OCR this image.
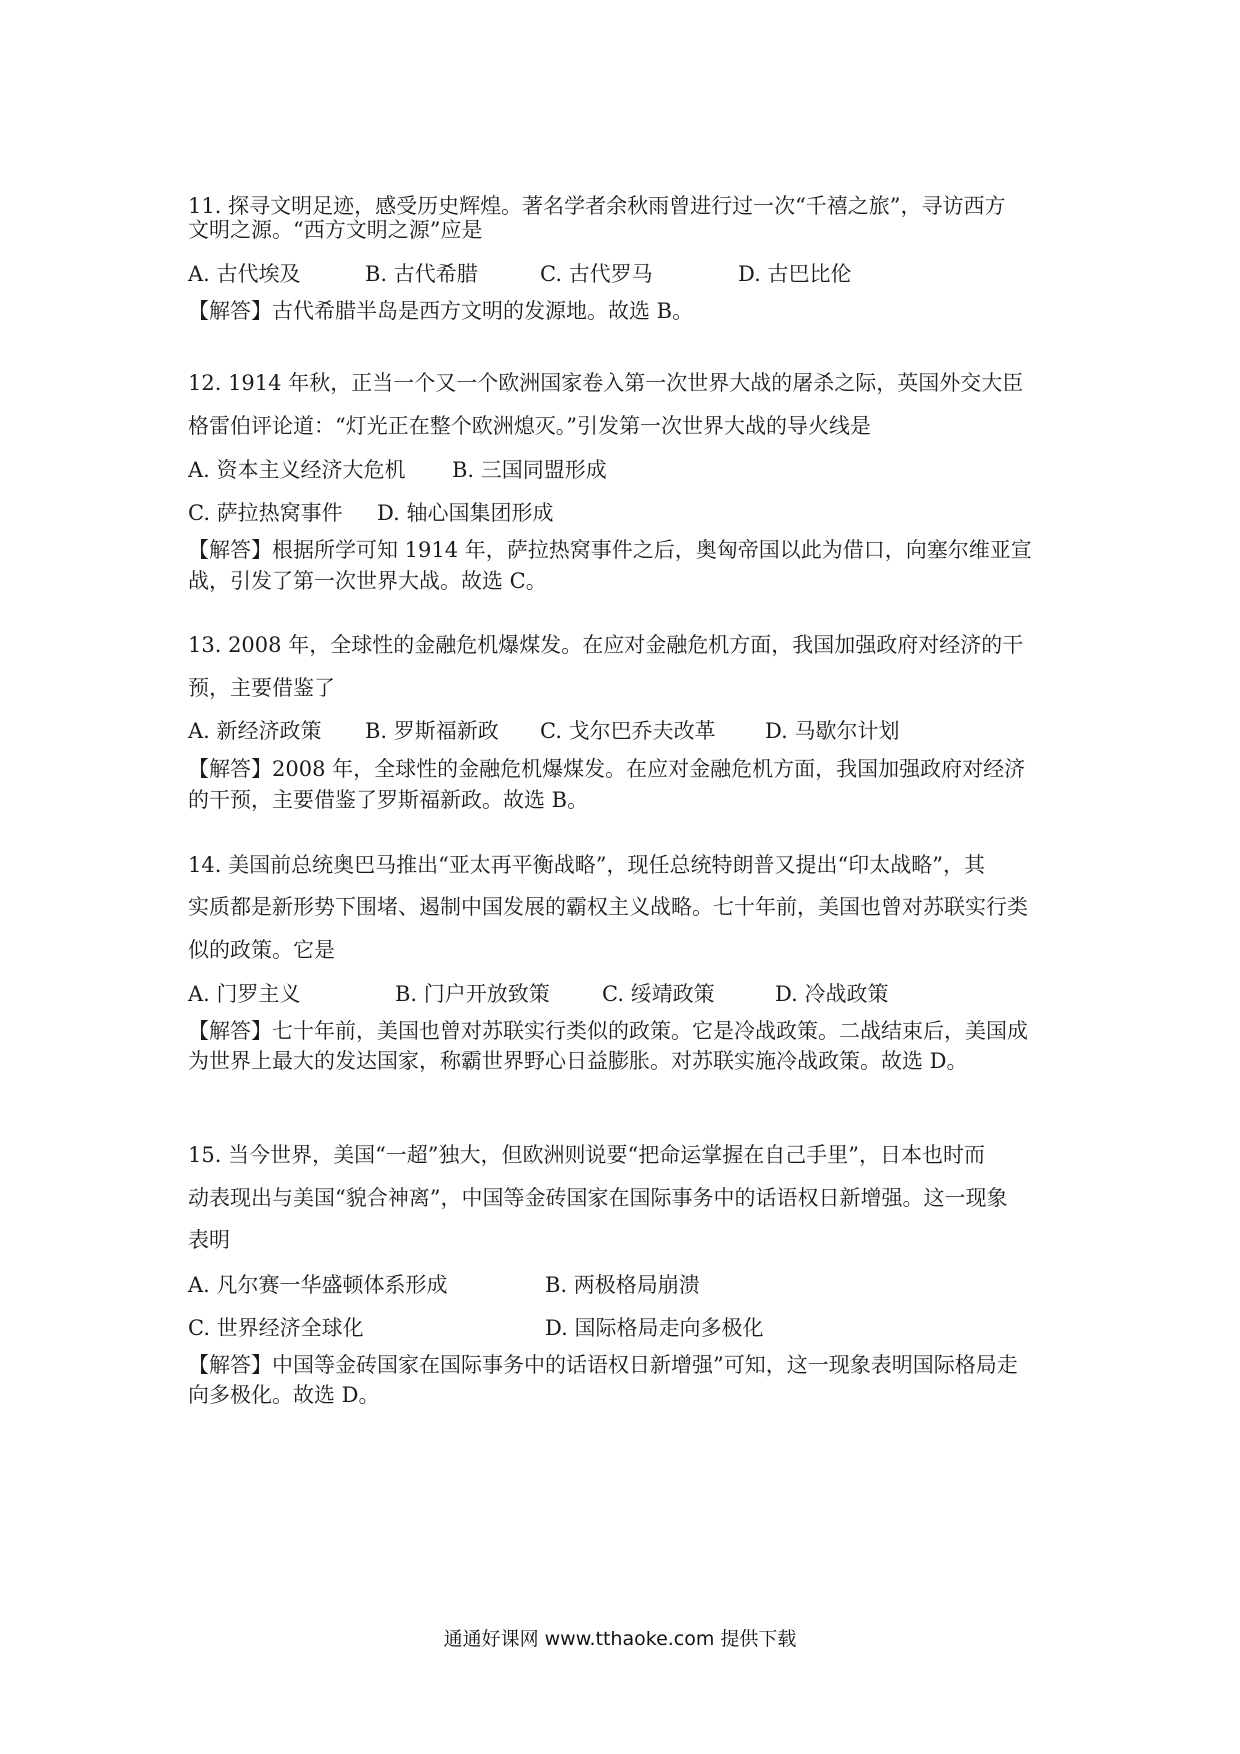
11. 探寻文明足迹，感受历史辉煌。著名学者余秋雨曾进行过一次“千禧之旅”，寻访西方
文明之源。“西方文明之源”应是
A. 古代埃及	B. 古代希腊	C. 古代罗马	D. 古巴比伦
【解答】古代希腊半岛是西方文明的发源地。故选 B。
12. 1914 年秋，正当一个又一个欧洲国家卷入第一次世界大战的屠杀之际，英国外交大臣
格雷伯评论道：“灯光正在整个欧洲熄灭。”引发第一次世界大战的导火线是
A. 资本主义经济大危机 B. 三国同盟形成
C. 萨拉热窝事件 D. 轴心国集团形成
【解答】根据所学可知 1914 年，萨拉热窝事件之后，奥匈帝国以此为借口，向塞尔维亚宣
战，引发了第一次世界大战。故选 C。
13. 2008 年，全球性的金融危机爆煤发。在应对金融危机方面，我国加强政府对经济的干
预，主要借鉴了
A. 新经济政策 B. 罗斯福新政 C. 戈尔巴乔夫改革 D. 马歇尔计划
【解答】2008 年，全球性的金融危机爆煤发。在应对金融危机方面，我国加强政府对经济
的干预，主要借鉴了罗斯福新政。故选 B。
14. 美国前总统奥巴马推出“亚太再平衡战略”，现任总统特朗普又提出“印太战略”，其
实质都是新形势下围堵、遏制中国发展的霸权主义战略。七十年前，美国也曾对苏联实行类
似的政策。它是
A. 门罗主义	B. 门户开放致策 C. 绥靖政策	D. 冷战政策
【解答】七十年前，美国也曾对苏联实行类似的政策。它是冷战政策。二战结束后，美国成
为世界上最大的发达国家，称霸世界野心日益膨胀。对苏联实施冷战政策。故选 D。
15. 当今世界，美国“一超”独大，但欧洲则说要“把命运掌握在自己手里”，日本也时而
动表现出与美国“貌合神离”，中国等金砖国家在国际事务中的话语权日新增强。这一现象
表明
A. 凡尔赛一华盛顿体系形成	B. 两极格局崩溃
C. 世界经济全球化	D. 国际格局走向多极化
【解答】中国等金砖国家在国际事务中的话语权日新增强”可知，这一现象表明国际格局走
向多极化。故选 D。
通通好课网 www.tthaoke.com 提供下载
